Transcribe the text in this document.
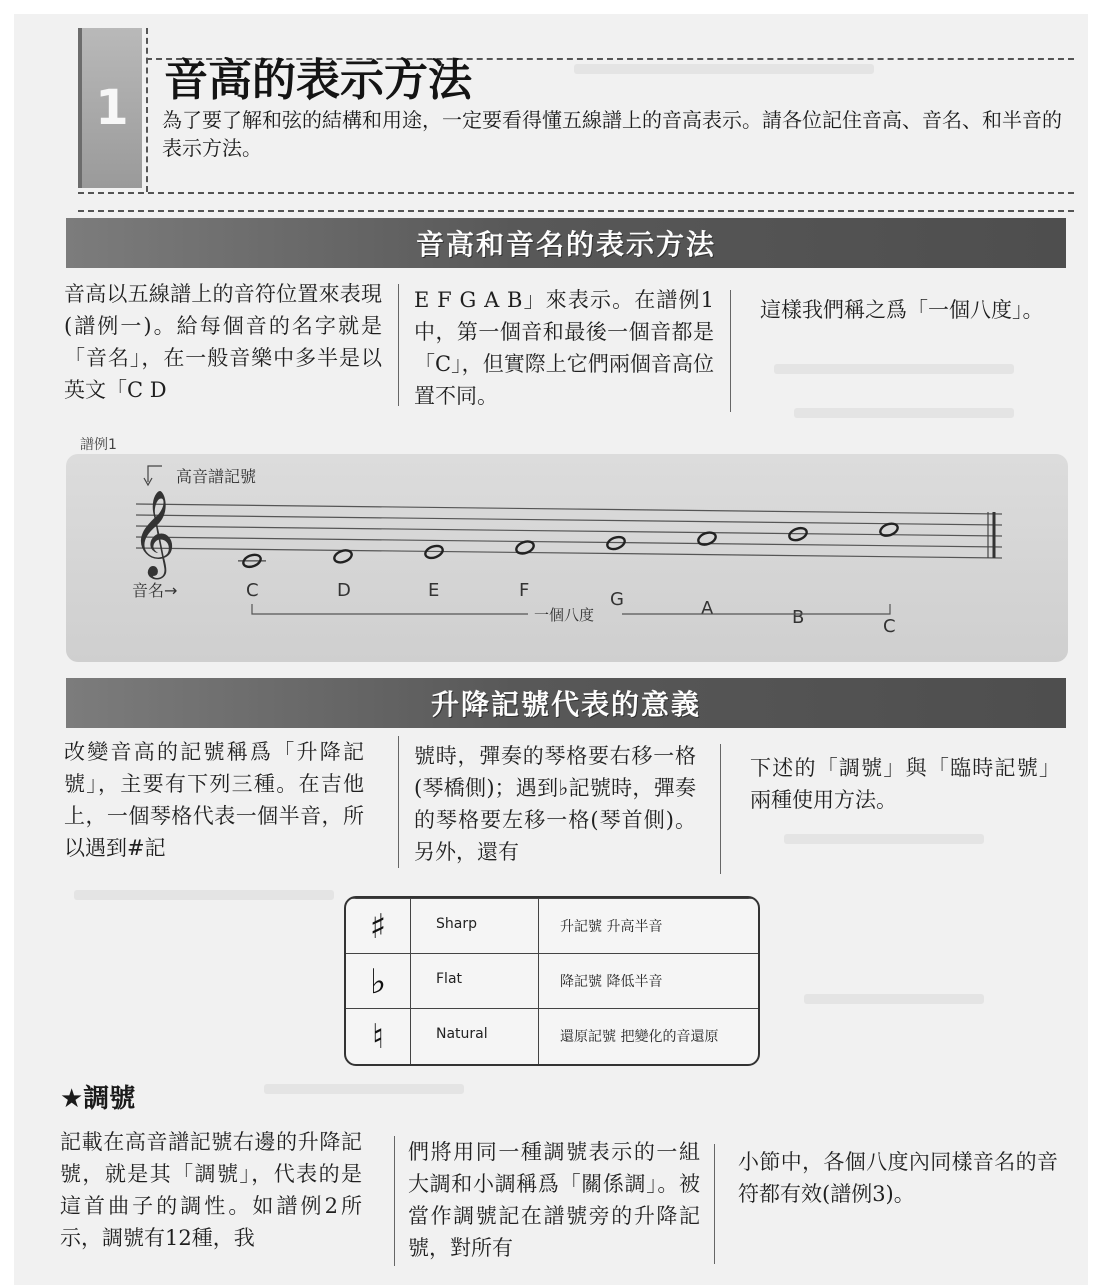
1 音高的表示方法
為了要了解和弦的結構和用途，一定要看得懂五線譜上的音高表示。請各位記住音高、音名、和半音的表示方法。
音高和音名的表示方法
音高以五線譜上的音符位置來表現(譜例一)。給每個音的名字就是「音名」，在一般音樂中多半是以英文「C D
E F G A B」來表示。在譜例1中，第一個音和最後一個音都是「C」，但實際上它們兩個音高位置不同。
這樣我們稱之爲「一個八度」。
譜例1
𝄞
高音譜記號
音名→	C	D	E	F	G	A	B	C
一個八度
升降記號代表的意義
改變音高的記號稱爲「升降記號」，主要有下列三種。在吉他上，一個琴格代表一個半音，所以遇到#記
號時，彈奏的琴格要右移一格(琴橋側)；遇到♭記號時，彈奏的琴格要左移一格(琴首側)。另外，還有
下述的「調號」與「臨時記號」兩種使用方法。
♯	Sharp	升記號 升高半音
♭	Flat	降記號 降低半音
♮	Natural	還原記號 把變化的音還原
★調號
記載在高音譜記號右邊的升降記號，就是其「調號」，代表的是這首曲子的調性。如譜例2所示，調號有12種，我
們將用同一種調號表示的一組大調和小調稱爲「關係調」。被當作調號記在譜號旁的升降記號，對所有
小節中，各個八度內同樣音名的音符都有效(譜例3)。
